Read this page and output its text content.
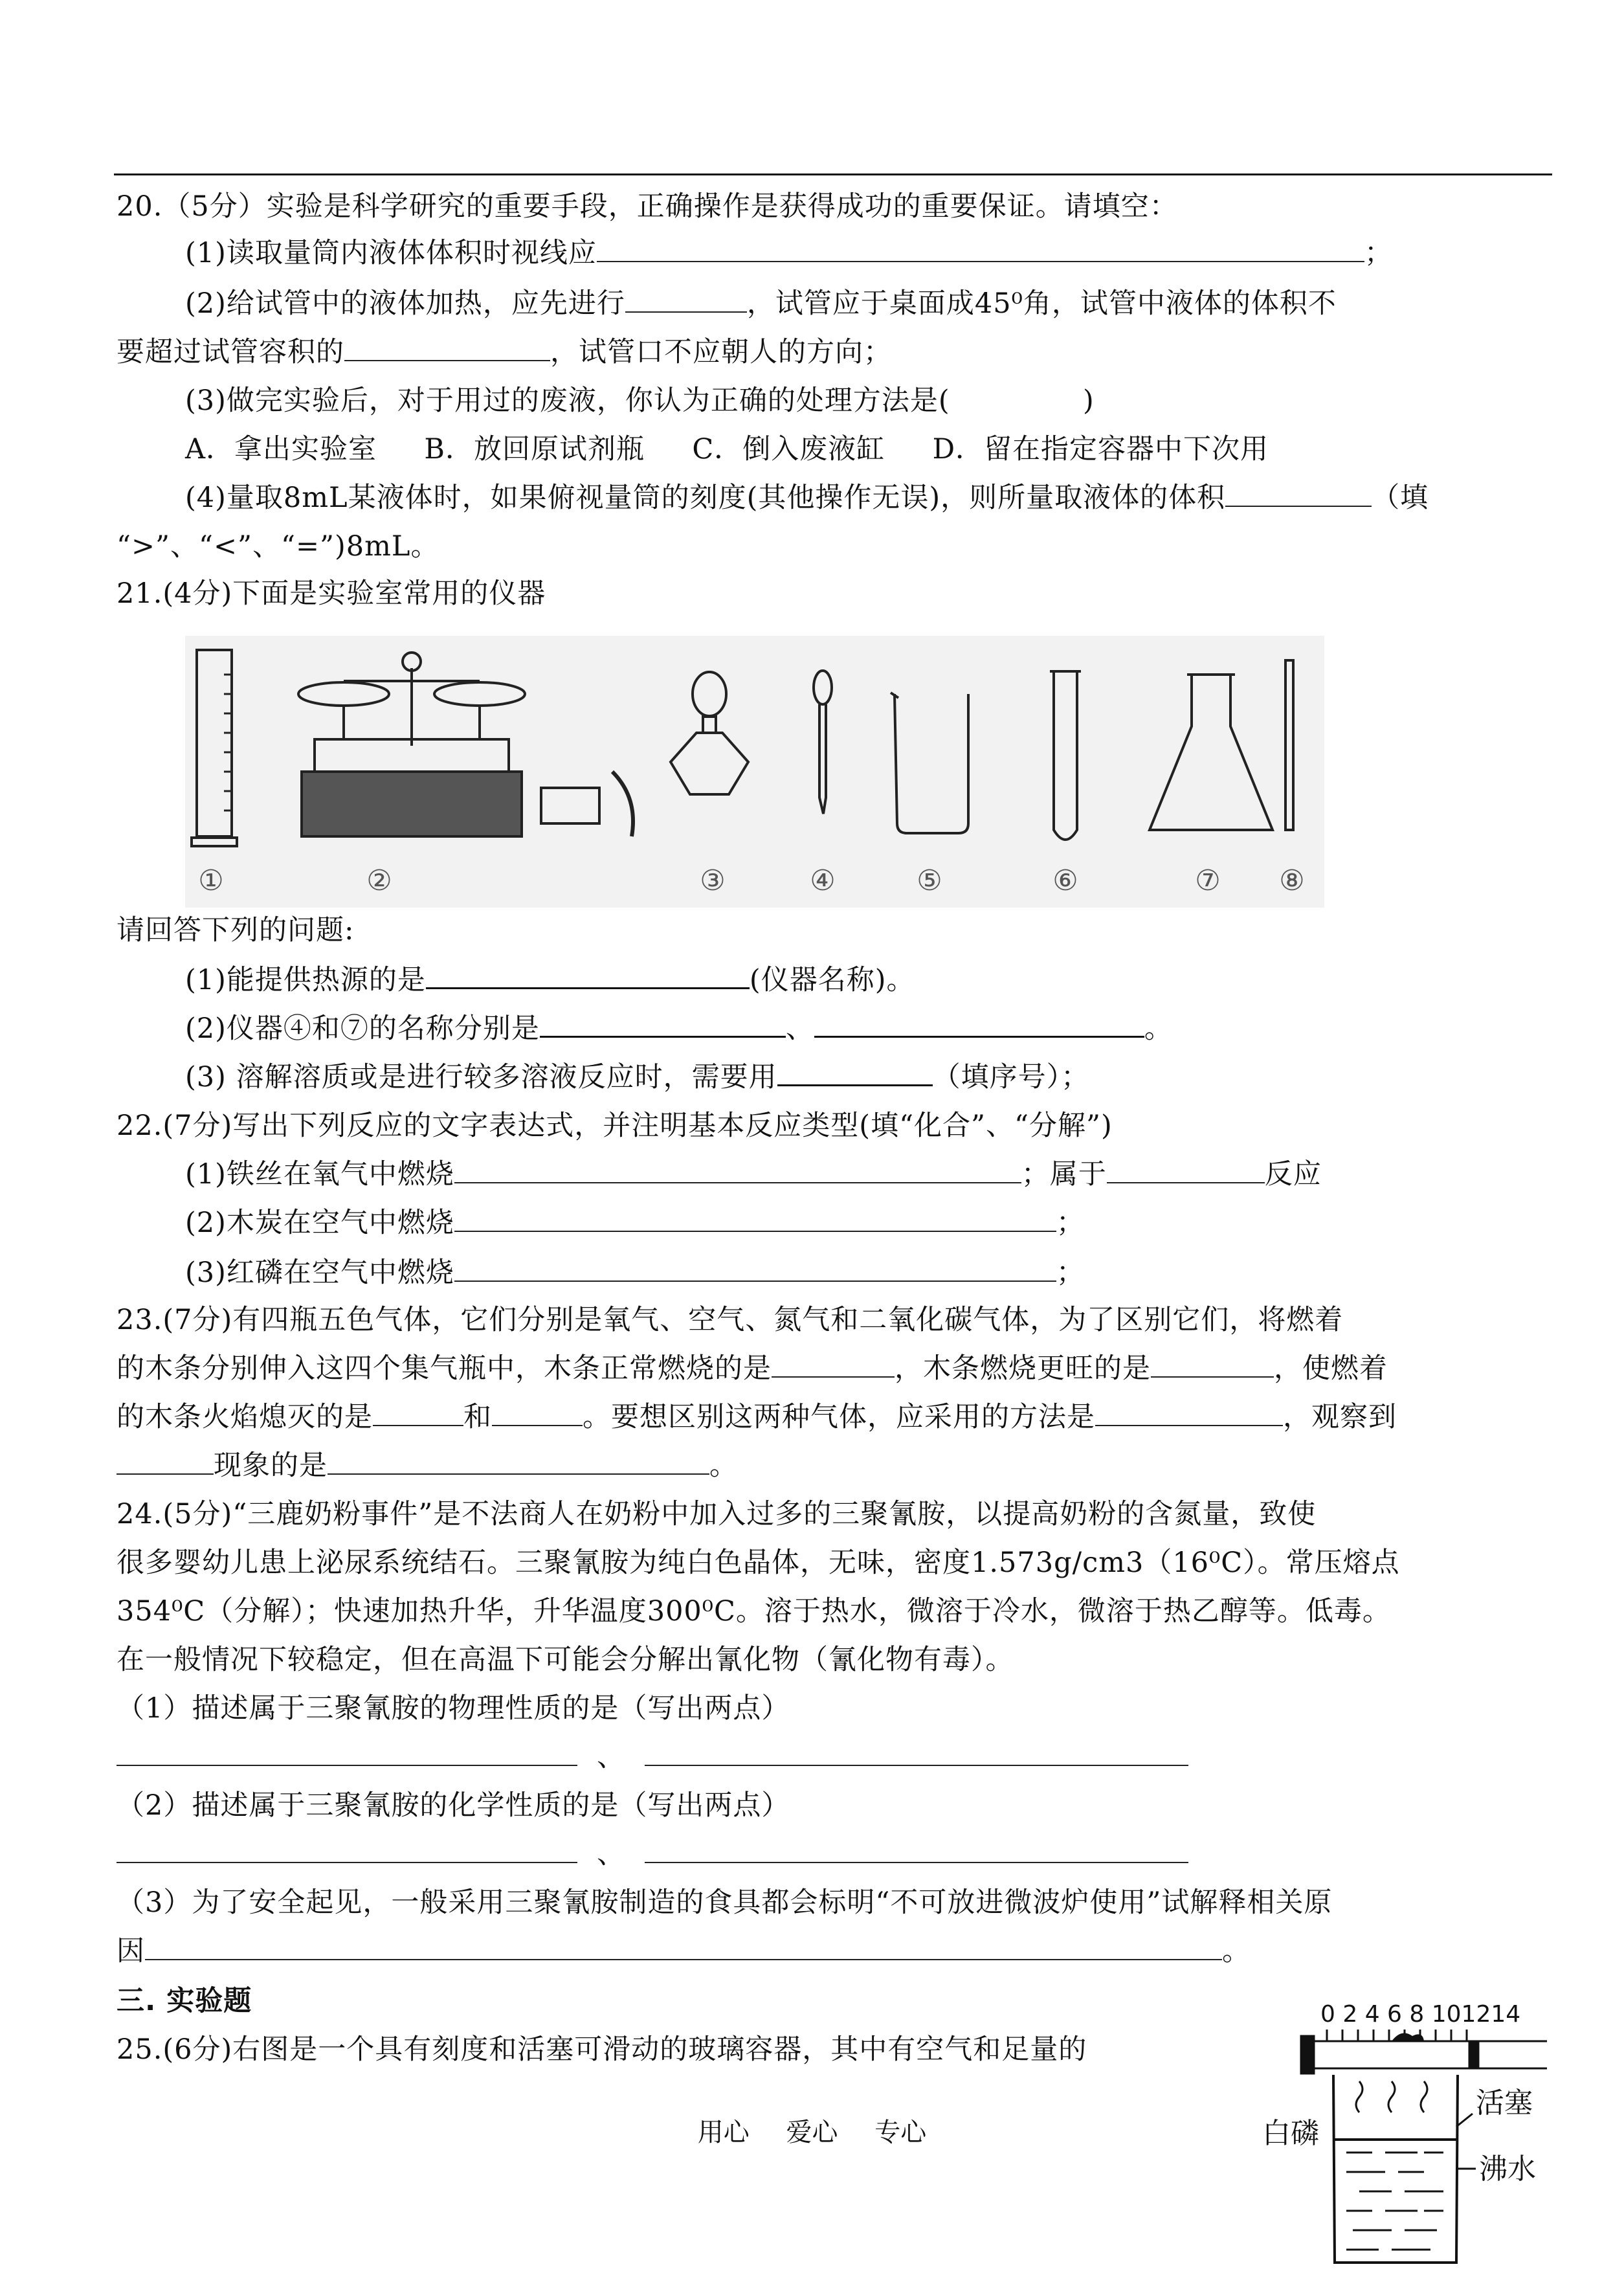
20.（5分）实验是科学研究的重要手段，正确操作是获得成功的重要保证。请填空：
(1)读取量筒内液体体积时视线应	；
(2)给试管中的液体加热，应先进行	，试管应于桌面成45⁰角，试管中液体的体积不
要超过试管容积的	，试管口不应朝人的方向；
(3)做完实验后，对于用过的废液，你认为正确的处理方法是(              )
A．拿出实验室     B．放回原试剂瓶     C．倒入废液缸     D．留在指定容器中下次用
(4)量取8mL某液体时，如果俯视量筒的刻度(其他操作无误)，则所量取液体的体积	（填
“>”、“<”、“=”)8mL。
21.(4分)下面是实验室常用的仪器
①	②	③	④	⑤	⑥	⑦ ⑧
请回答下列的问题:
(1)能提供热源的是	(仪器名称)。
(2)仪器④和⑦的名称分别是	、	。
(3) 溶解溶质或是进行较多溶液反应时，需要用	（填序号）；
22.(7分)写出下列反应的文字表达式，并注明基本反应类型(填“化合”、“分解”)
(1)铁丝在氧气中燃烧	；属于	反应
(2)木炭在空气中燃烧	；
(3)红磷在空气中燃烧	；
23.(7分)有四瓶五色气体，它们分别是氧气、空气、氮气和二氧化碳气体，为了区别它们，将燃着
的木条分别伸入这四个集气瓶中，木条正常燃烧的是	，木条燃烧更旺的是	，使燃着
的木条火焰熄灭的是	和	。要想区别这两种气体，应采用的方法是	，观察到
现象的是	。
24.(5分)“三鹿奶粉事件”是不法商人在奶粉中加入过多的三聚氰胺，以提高奶粉的含氮量，致使
很多婴幼儿患上泌尿系统结石。三聚氰胺为纯白色晶体，无味，密度1.573g/cm3（16⁰C）。常压熔点
354⁰C（分解）；快速加热升华，升华温度300⁰C。溶于热水，微溶于冷水，微溶于热乙醇等。低毒。
在一般情况下较稳定，但在高温下可能会分解出氰化物（氰化物有毒）。
（1）描述属于三聚氰胺的物理性质的是（写出两点）
、
（2）描述属于三聚氰胺的化学性质的是（写出两点）
、
（3）为了安全起见，一般采用三聚氰胺制造的食具都会标明“不可放进微波炉使用”试解释相关原
因	。
三. 实验题
25.(6分)右图是一个具有刻度和活塞可滑动的玻璃容器，其中有空气和足量的
0 2 4 6 8 101214
白磷
活塞
沸水
用心 爱心 专心
